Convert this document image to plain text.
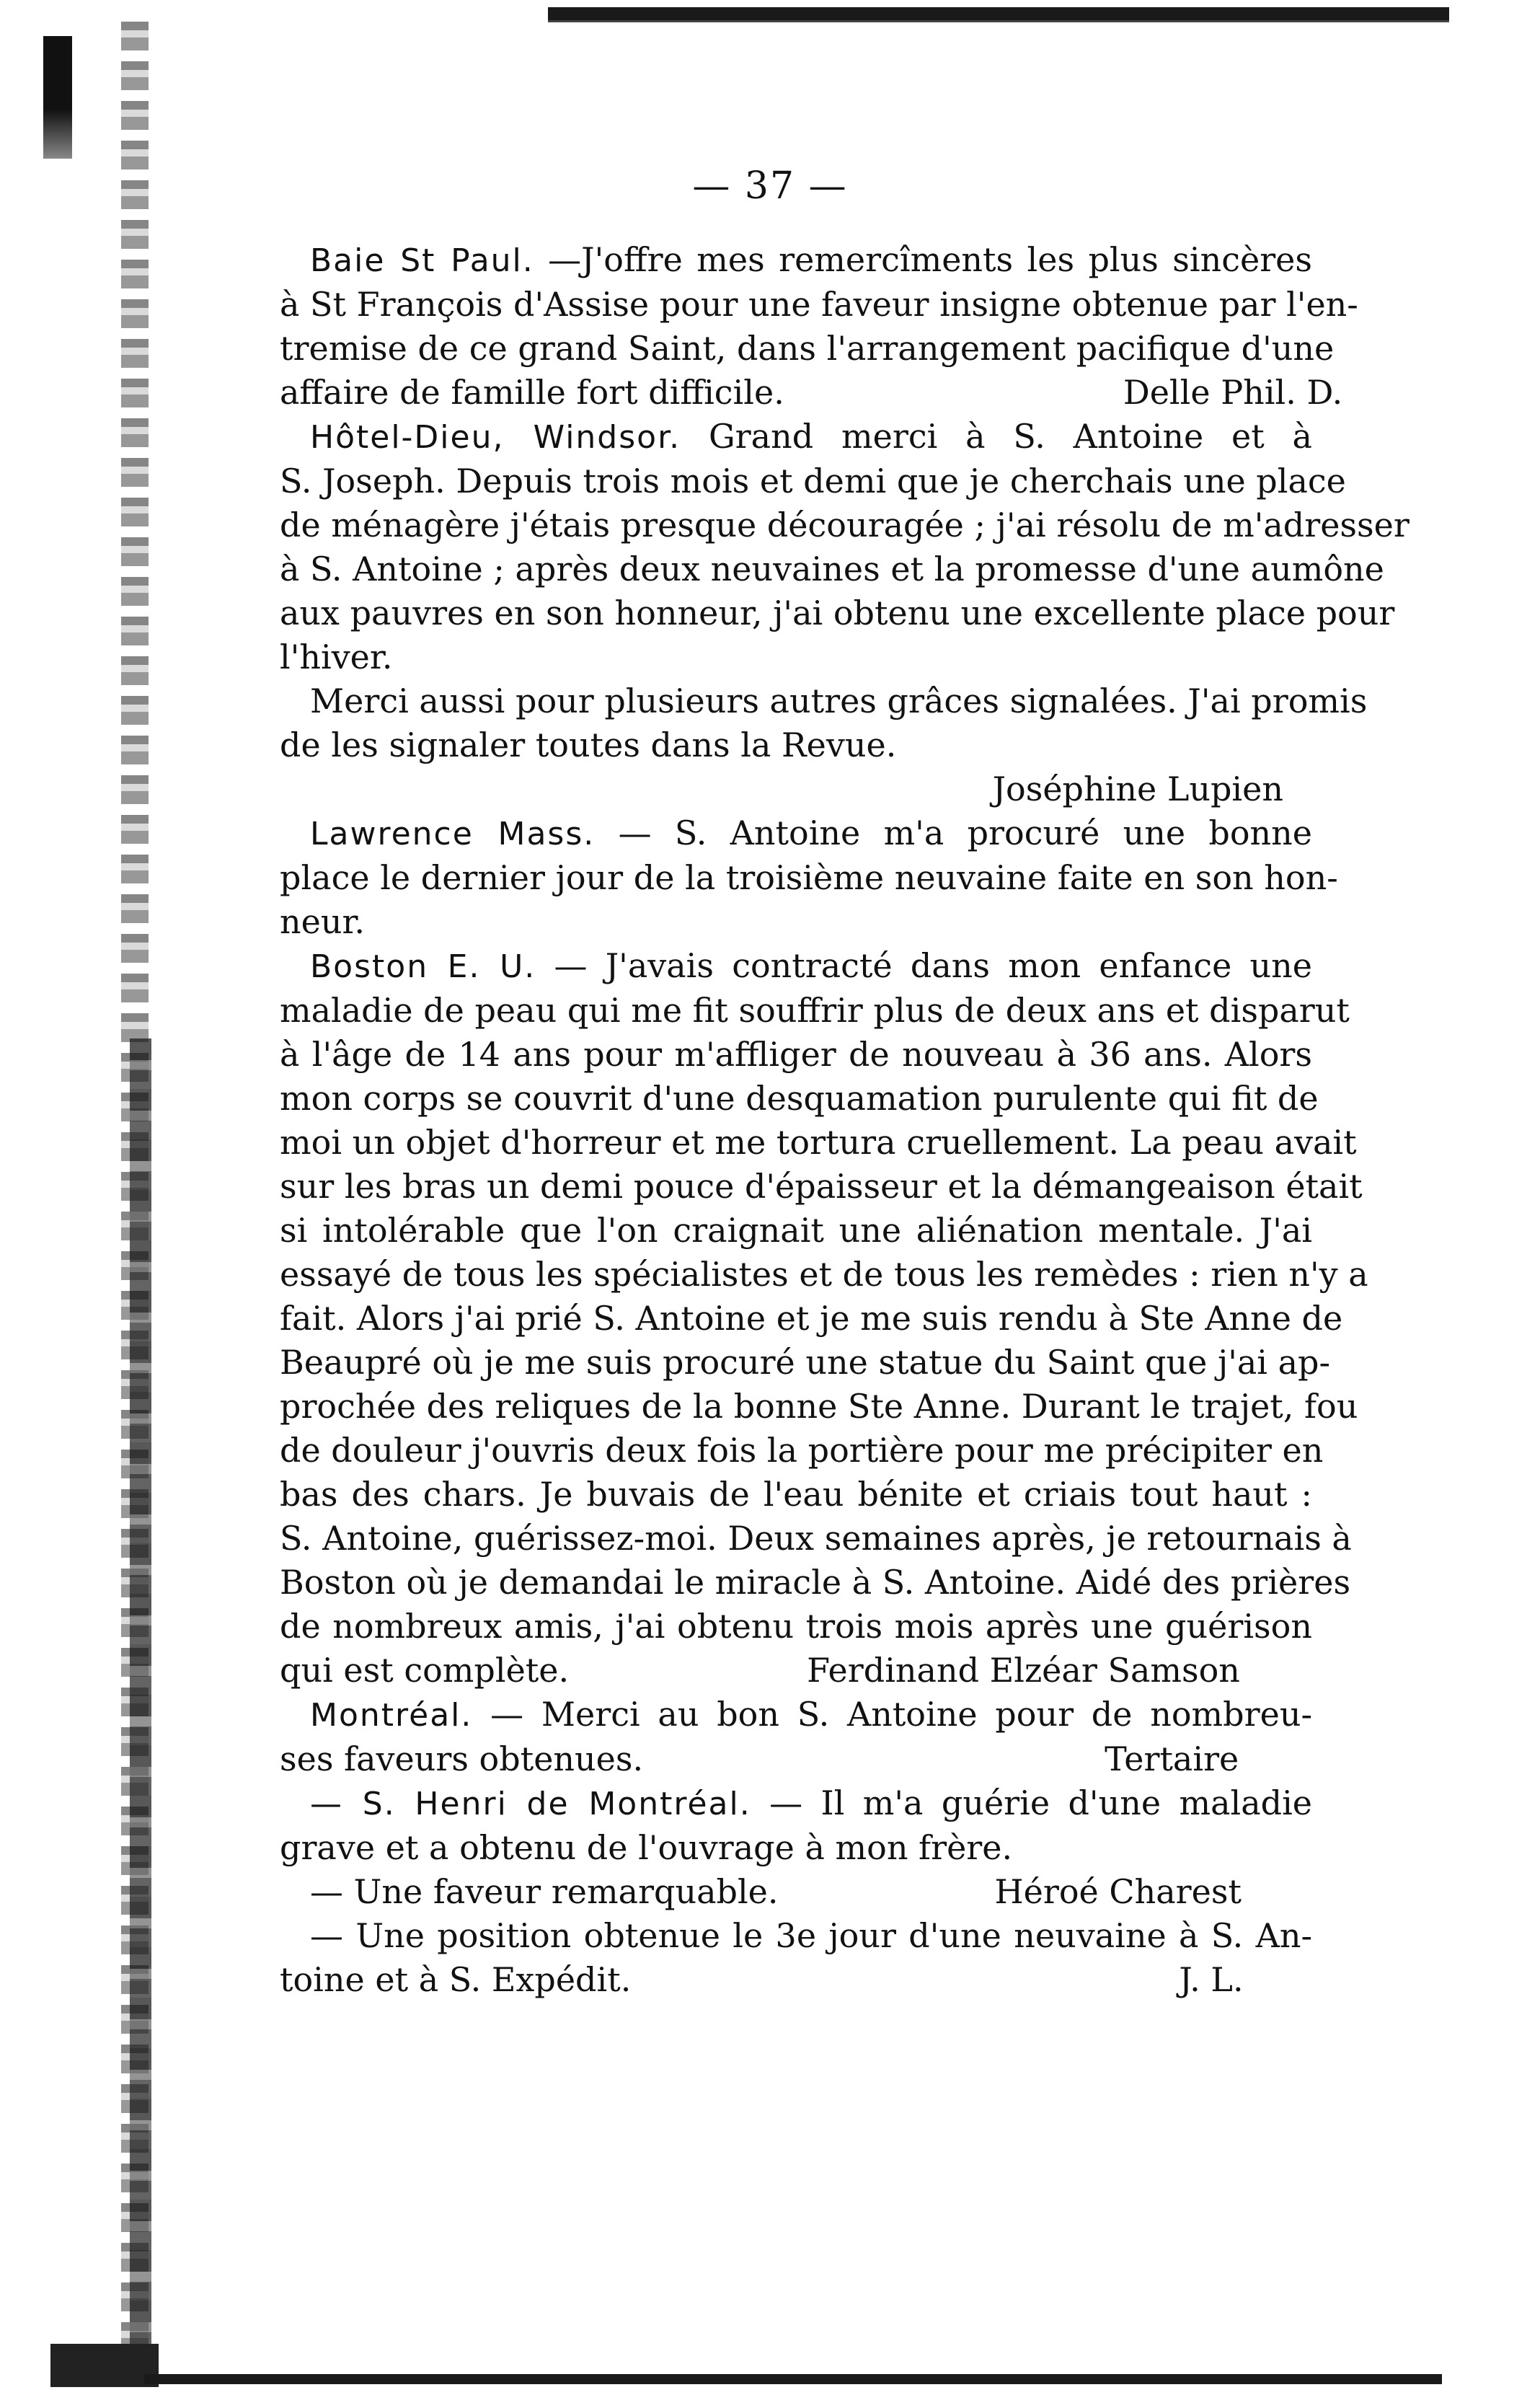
— 37 —
Baie St Paul. —J'offre mes remercîments les plus sincères
à St François d'Assise pour une faveur insigne obtenue par l'en-
tremise de ce grand Saint, dans l'arrangement pacifique d'une
affaire de famille fort difficile.	Delle Phil. D.
Hôtel-Dieu, Windsor. Grand merci à S. Antoine et à
S. Joseph. Depuis trois mois et demi que je cherchais une place
de ménagère j'étais presque découragée ; j'ai résolu de m'adresser
à S. Antoine ; après deux neuvaines et la promesse d'une aumône
aux pauvres en son honneur, j'ai obtenu une excellente place pour
l'hiver.
Merci aussi pour plusieurs autres grâces signalées. J'ai promis
de les signaler toutes dans la Revue.
Joséphine Lupien
Lawrence Mass. — S. Antoine m'a procuré une bonne
place le dernier jour de la troisième neuvaine faite en son hon-
neur.
Boston E. U. — J'avais contracté dans mon enfance une
maladie de peau qui me fit souffrir plus de deux ans et disparut
à l'âge de 14 ans pour m'affliger de nouveau à 36 ans. Alors
mon corps se couvrit d'une desquamation purulente qui fit de
moi un objet d'horreur et me tortura cruellement. La peau avait
sur les bras un demi pouce d'épaisseur et la démangeaison était
si intolérable que l'on craignait une aliénation mentale. J'ai
essayé de tous les spécialistes et de tous les remèdes : rien n'y a
fait. Alors j'ai prié S. Antoine et je me suis rendu à Ste Anne de
Beaupré où je me suis procuré une statue du Saint que j'ai ap-
prochée des reliques de la bonne Ste Anne. Durant le trajet, fou
de douleur j'ouvris deux fois la portière pour me précipiter en
bas des chars. Je buvais de l'eau bénite et criais tout haut :
S. Antoine, guérissez-moi. Deux semaines après, je retournais à
Boston où je demandai le miracle à S. Antoine. Aidé des prières
de nombreux amis, j'ai obtenu trois mois après une guérison
qui est complète.	Ferdinand Elzéar Samson
Montréal. — Merci au bon S. Antoine pour de nombreu-
ses faveurs obtenues.	Tertaire
— S. Henri de Montréal. — Il m'a guérie d'une maladie
grave et a obtenu de l'ouvrage à mon frère.
— Une faveur remarquable.	Héroé Charest
— Une position obtenue le 3e jour d'une neuvaine à S. An-
toine et à S. Expédit.	J. L.
